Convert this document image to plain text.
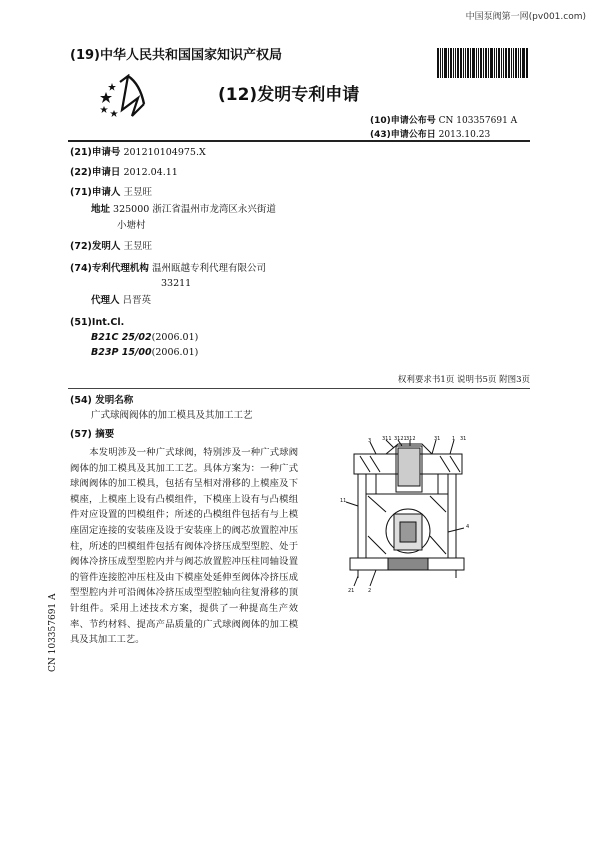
中国泵阀第一网(pv001.com)
(19)中华人民共和国国家知识产权局
(12)发明专利申请
(10)申请公布号 CN 103357691 A
(43)申请公布日 2013.10.23
(21)申请号 201210104975.X
(22)申请日 2012.04.11
(71)申请人 王昱旺
地址 325000 浙江省温州市龙湾区永兴街道
小塘村
(72)发明人 王昱旺
(74)专利代理机构 温州瓯越专利代理有限公司
33211
代理人 吕晋英
(51)Int.Cl.
B21C 25/02(2006.01)
B23P 15/00(2006.01)
权利要求书1页 说明书5页 附图3页
(54) 发明名称
广式球阀阀体的加工模具及其加工工艺
(57) 摘要
本发明涉及一种广式球阀，特别涉及一种广式球阀阀体的加工模具及其加工工艺。具体方案为：一种广式球阀阀体的加工模具，包括有呈相对滑移的上模座及下模座，上模座上设有凸模组件，下模座上设有与凸模组件对应设置的凹模组件；所述的凸模组件包括有与上模座固定连接的安装座及设于安装座上的阀芯放置腔冲压柱，所述的凹模组件包括有阀体冷挤压成型型腔、处于阀体冷挤压成型型腔内并与阀芯放置腔冲压柱同轴设置的管件连接腔冲压柱及由下模座处延伸至阀体冷挤压成型型腔内并可沿阀体冷挤压成型型腔轴向往复滑移的顶针组件。采用上述技术方案，提供了一种提高生产效率、节约材料、提高产品质量的广式球阀阀体的加工模具及其加工工艺。
3 311 3121 312	31 1 31
11
4
21	2
CN 103357691 A
